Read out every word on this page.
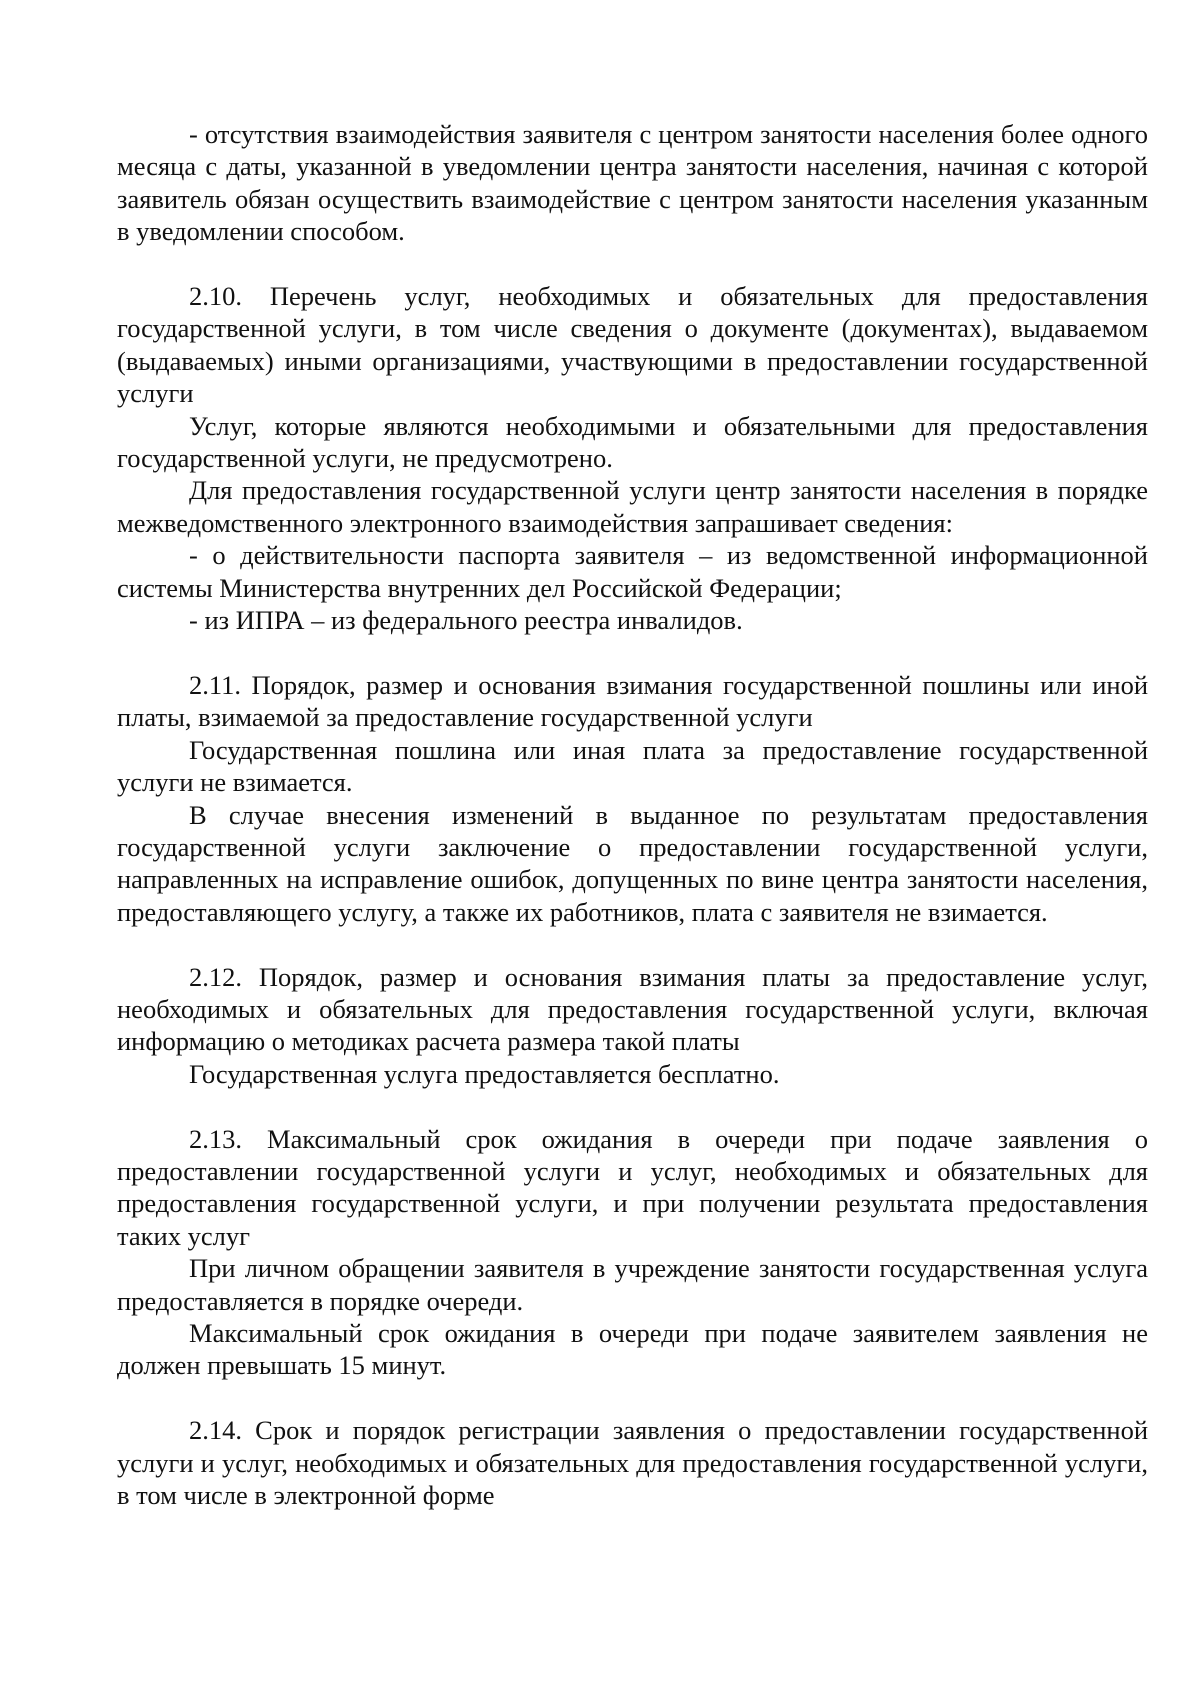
- отсутствия взаимодействия заявителя с центром занятости населения более одного месяца с даты, указанной в уведомлении центра занятости населения, начиная с которой заявитель обязан осуществить взаимодействие с центром занятости населения указанным в уведомлении способом.

2.10. Перечень услуг, необходимых и обязательных для предоставления государственной услуги, в том числе сведения о документе (документах), выдаваемом (выдаваемых) иными организациями, участвующими в предоставлении государственной услуги

Услуг, которые являются необходимыми и обязательными для предоставления государственной услуги, не предусмотрено.

Для предоставления государственной услуги центр занятости населения в порядке межведомственного электронного взаимодействия запрашивает сведения:

- о действительности паспорта заявителя – из ведомственной информационной системы Министерства внутренних дел Российской Федерации;

- из ИПРА – из федерального реестра инвалидов.

2.11. Порядок, размер и основания взимания государственной пошлины или иной платы, взимаемой за предоставление государственной услуги

Государственная пошлина или иная плата за предоставление государственной услуги не взимается.

В случае внесения изменений в выданное по результатам предоставления государственной услуги заключение о предоставлении государственной услуги, направленных на исправление ошибок, допущенных по вине центра занятости населения, предоставляющего услугу, а также их работников, плата с заявителя не взимается.

2.12. Порядок, размер и основания взимания платы за предоставление услуг, необходимых и обязательных для предоставления государственной услуги, включая информацию о методиках расчета размера такой платы

Государственная услуга предоставляется бесплатно.

2.13. Максимальный срок ожидания в очереди при подаче заявления о предоставлении государственной услуги и услуг, необходимых и обязательных для предоставления государственной услуги, и при получении результата предоставления таких услуг

При личном обращении заявителя в учреждение занятости государственная услуга предоставляется в порядке очереди.

Максимальный срок ожидания в очереди при подаче заявителем заявления не должен превышать 15 минут.

2.14. Срок и порядок регистрации заявления о предоставлении государственной услуги и услуг, необходимых и обязательных для предоставления государственной услуги, в том числе в электронной форме
